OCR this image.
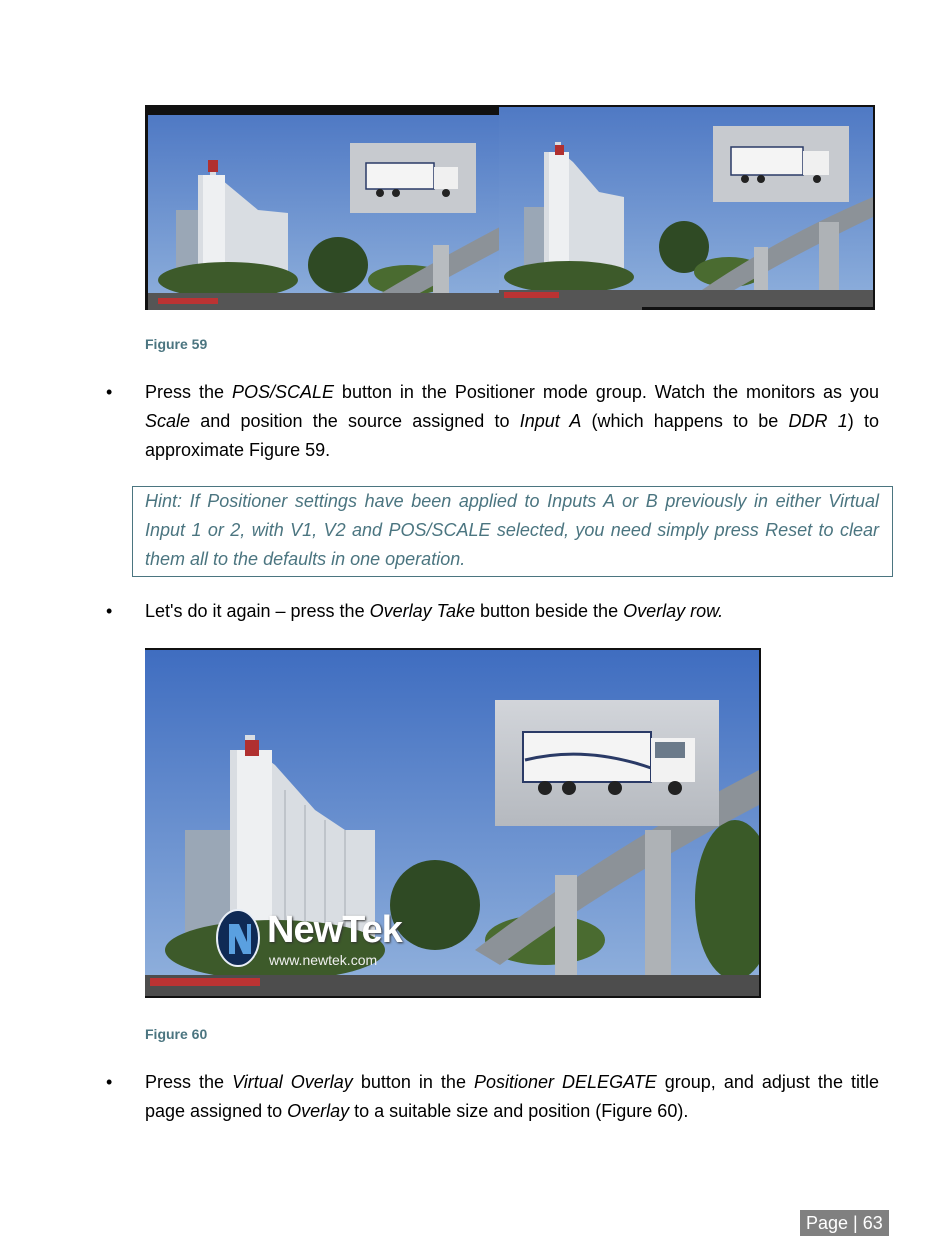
Figure 59
•	Press the POS/SCALE button in the Positioner mode group. Watch the monitors as you Scale and position the source assigned to Input A (which happens to be DDR 1) to approximate Figure 59.
Hint: If Positioner settings have been applied to Inputs A or B previously in either Virtual Input 1 or 2, with V1, V2 and POS/SCALE selected, you need simply press Reset to clear them all to the defaults in one operation.
•	Let's do it again – press the Overlay Take button beside the Overlay row.
NewTek
www.newtek.com
Figure 60
•	Press the Virtual Overlay button in the Positioner DELEGATE group, and adjust the title page assigned to Overlay to a suitable size and position (Figure 60).
Page | 63
